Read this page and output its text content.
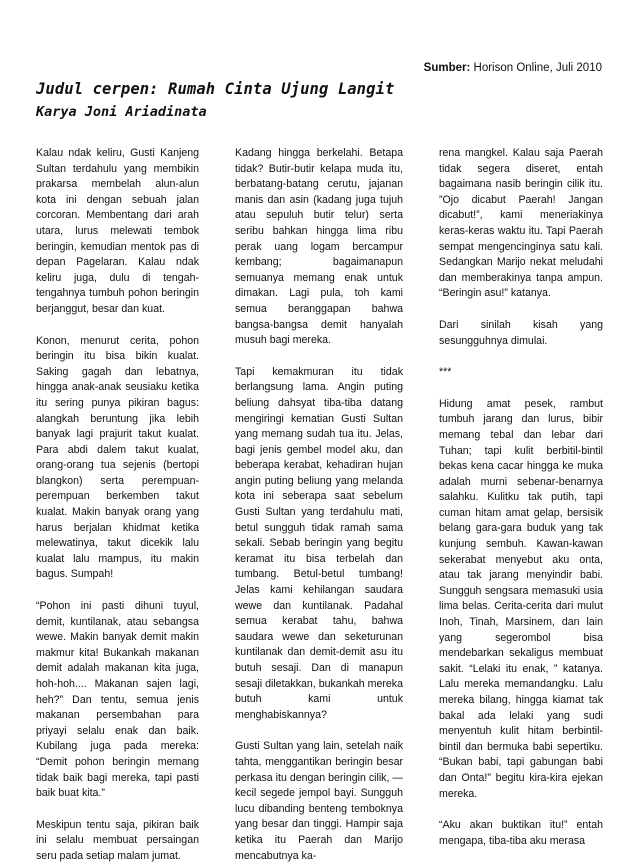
Sumber: Horison Online, Juli 2010
Judul cerpen: Rumah Cinta Ujung Langit
Karya Joni Ariadinata

Kalau ndak keliru, Gusti Kanjeng Sultan terdahulu yang membikin prakarsa membelah alun-alun kota ini dengan sebuah jalan corcoran. Membentang dari arah utara, lurus melewati tembok beringin, kemudian mentok pas di depan Pagelaran. Kalau ndak keliru juga, dulu di tengah-tengahnya tumbuh pohon beringin berjanggut, besar dan kuat.

Konon, menurut cerita, pohon beringin itu bisa bikin kualat. Saking gagah dan lebatnya, hingga anak-anak seusiaku ketika itu sering punya pikiran bagus: alangkah beruntung jika lebih banyak lagi prajurit takut kualat. Para abdi dalem takut kualat, orang-orang tua sejenis (bertopi blangkon) serta perempuan-perempuan berkemben takut kualat. Makin banyak orang yang harus berjalan khidmat ketika melewatinya, takut dicekik lalu kualat lalu mampus, itu makin bagus. Sumpah!

“Pohon ini pasti dihuni tuyul, demit, kuntilanak, atau sebangsa wewe. Makin banyak demit makin makmur kita! Bukankah makanan demit adalah makanan kita juga, hoh-hoh.... Makanan sajen lagi, heh?” Dan tentu, semua jenis makanan persembahan para priyayi selalu enak dan baik. Kubilang juga pada mereka: “Demit pohon beringin memang tidak baik bagi mereka, tapi pasti baik buat kita.”

Meskipun tentu saja, pikiran baik ini selalu membuat persaingan seru pada setiap malam jumat.

Kadang hingga berkelahi. Betapa tidak? Butir-butir kelapa muda itu, berbatang-batang cerutu, jajanan manis dan asin (kadang juga tujuh atau sepuluh butir telur) serta seribu bahkan hingga lima ribu perak uang logam bercampur kembang; bagaimanapun semuanya memang enak untuk dimakan. Lagi pula, toh kami semua beranggapan bahwa bangsa-bangsa demit hanyalah musuh bagi mereka.

Tapi kemakmuran itu tidak berlangsung lama. Angin puting beliung dahsyat tiba-tiba datang mengiringi kematian Gusti Sultan yang memang sudah tua itu. Jelas, bagi jenis gembel model aku, dan beberapa kerabat, kehadiran hujan angin puting beliung yang melanda kota ini seberapa saat sebelum Gusti Sultan yang terdahulu mati, betul sungguh tidak ramah sama sekali. Sebab beringin yang begitu keramat itu bisa terbelah dan tumbang. Betul-betul tumbang! Jelas kami kehilangan saudara wewe dan kuntilanak. Padahal semua kerabat tahu, bahwa saudara wewe dan seketurunan kuntilanak dan demit-demit asu itu butuh sesaji. Dan di manapun sesaji diletakkan, bukankah mereka butuh kami untuk menghabiskannya?

Gusti Sultan yang lain, setelah naik tahta, menggantikan beringin besar perkasa itu dengan beringin cilik, —kecil segede jempol bayi. Sungguh lucu dibanding benteng temboknya yang besar dan tinggi. Hampir saja ketika itu Paerah dan Marijo mencabutnya ka-

rena mangkel. Kalau saja Paerah tidak segera diseret, entah bagaimana nasib beringin cilik itu. ”Ojo dicabut Paerah! Jangan dicabut!”, kami meneriakinya keras-keras waktu itu. Tapi Paerah sempat mengencinginya satu kali. Sedangkan Marijo nekat meludahi dan memberakinya tanpa ampun. “Beringin asu!” katanya.

Dari sinilah kisah yang sesungguhnya dimulai.

***

Hidung amat pesek, rambut tumbuh jarang dan lurus, bibir memang tebal dan lebar dari Tuhan; tapi kulit berbitil-bintil bekas kena cacar hingga ke muka adalah murni sebenar-benarnya salahku. Kulitku tak putih, tapi cuman hitam amat gelap, bersisik belang gara-gara buduk yang tak kunjung sembuh. Kawan-kawan sekerabat menyebut aku onta, atau tak jarang menyindir babi. Sungguh sengsara memasuki usia lima belas. Cerita-cerita dari mulut Inoh, Tinah, Marsinem, dan lain yang segerombol bisa mendebarkan sekaligus membuat sakit. “Lelaki itu enak, ” katanya. Lalu mereka memandangku. Lalu mereka bilang, hingga kiamat tak bakal ada lelaki yang sudi menyentuh kulit hitam berbintil-bintil dan bermuka babi sepertiku. “Bukan babi, tapi gabungan babi dan Onta!” begitu kira-kira ejekan mereka.

“Aku akan buktikan itu!” entah mengapa, tiba-tiba aku merasa
